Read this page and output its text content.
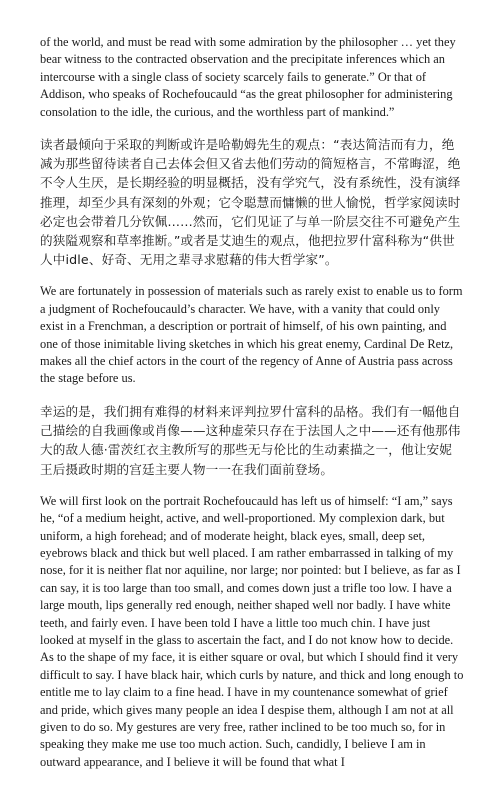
of the world, and must be read with some admiration by the philosopher … yet they bear witness to the contracted observation and the precipitate inferences which an intercourse with a single class of society scarcely fails to generate.” Or that of Addison, who speaks of Rochefoucauld “as the great philosopher for administering consolation to the idle, the curious, and the worthless part of mankind.”

读者最倾向于采取的判断或许是哈勒姆先生的观点：“表达简洁而有力，绝减为那些留待读者自己去体会但又省去他们劳动的简短格言，不常晦涩，绝不令人生厌，是长期经验的明显概括，没有学究气，没有系统性，没有演绎推理，却至少具有深刻的外观；它令聪慧而慵懒的世人愉悦，哲学家阅读时必定也会带着几分钦佩……然而，它们见证了与单一阶层交往不可避免产生的狭隘观察和草率推断。”或者是艾迪生的观点，他把拉罗什富科称为“供世人中idle、好奇、无用之辈寻求慰藉的伟大哲学家”。

We are fortunately in possession of materials such as rarely exist to enable us to form a judgment of Rochefoucauld’s character. We have, with a vanity that could only exist in a Frenchman, a description or portrait of himself, of his own painting, and one of those inimitable living sketches in which his great enemy, Cardinal De Retz, makes all the chief actors in the court of the regency of Anne of Austria pass across the stage before us.

幸运的是，我们拥有难得的材料来评判拉罗什富科的品格。我们有一幅他自己描绘的自我画像或肖像——这种虚荣只存在于法国人之中——还有他那伟大的敌人德·雷茨红衣主教所写的那些无与伦比的生动素描之一，他让安妮王后摄政时期的宫廷主要人物一一在我们面前登场。

We will first look on the portrait Rochefoucauld has left us of himself: “I am,” says he, “of a medium height, active, and well-proportioned. My complexion dark, but uniform, a high forehead; and of moderate height, black eyes, small, deep set, eyebrows black and thick but well placed. I am rather embarrassed in talking of my nose, for it is neither flat nor aquiline, nor large; nor pointed: but I believe, as far as I can say, it is too large than too small, and comes down just a trifle too low. I have a large mouth, lips generally red enough, neither shaped well nor badly. I have white teeth, and fairly even. I have been told I have a little too much chin. I have just looked at myself in the glass to ascertain the fact, and I do not know how to decide. As to the shape of my face, it is either square or oval, but which I should find it very difficult to say. I have black hair, which curls by nature, and thick and long enough to entitle me to lay claim to a fine head. I have in my countenance somewhat of grief and pride, which gives many people an idea I despise them, although I am not at all given to do so. My gestures are very free, rather inclined to be too much so, for in speaking they make me use too much action. Such, candidly, I believe I am in outward appearance, and I believe it will be found that what I
